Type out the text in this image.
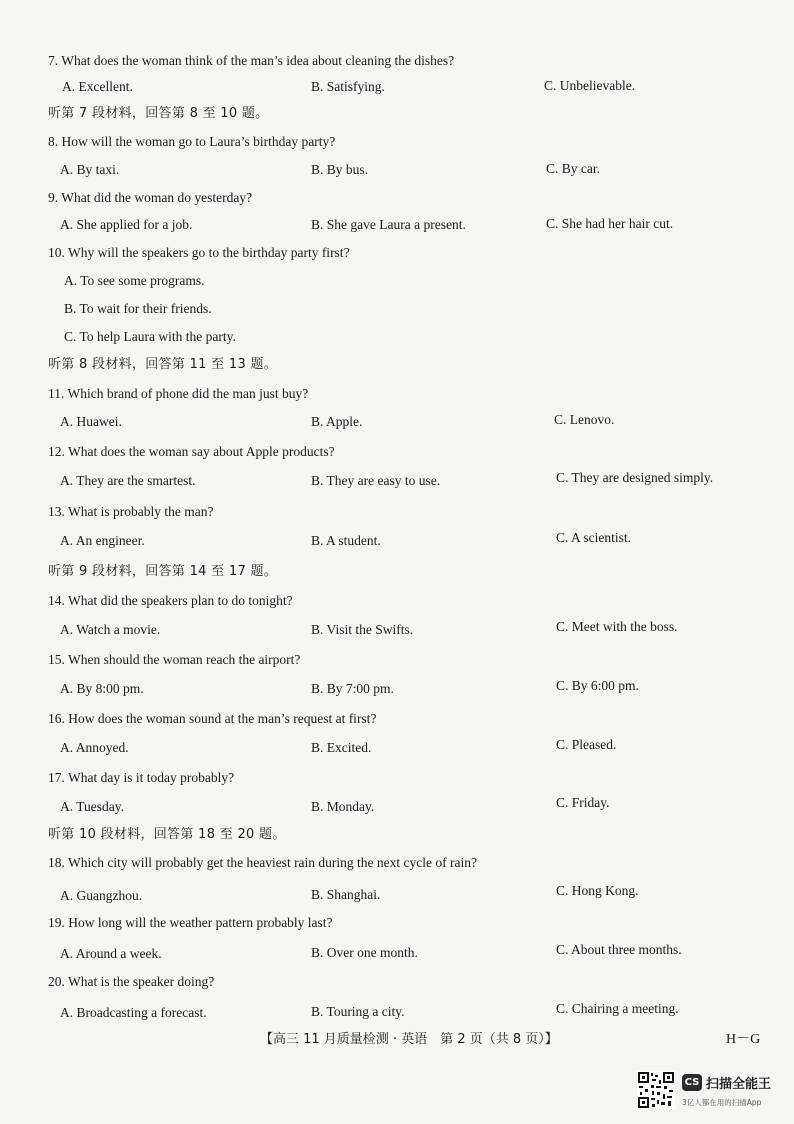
7. What does the woman think of the man’s idea about cleaning the dishes?
A. Excellent.	B. Satisfying.	C. Unbelievable.
听第 7 段材料，回答第 8 至 10 题。
8. How will the woman go to Laura’s birthday party?
A. By taxi.	B. By bus.	C. By car.
9. What did the woman do yesterday?
A. She applied for a job.	B. She gave Laura a present.	C. She had her hair cut.
10. Why will the speakers go to the birthday party first?
A. To see some programs.
B. To wait for their friends.
C. To help Laura with the party.
听第 8 段材料，回答第 11 至 13 题。
11. Which brand of phone did the man just buy?
A. Huawei.	B. Apple.	C. Lenovo.
12. What does the woman say about Apple products?
A. They are the smartest.	B. They are easy to use.	C. They are designed simply.
13. What is probably the man?
A. An engineer.	B. A student.	C. A scientist.
听第 9 段材料，回答第 14 至 17 题。
14. What did the speakers plan to do tonight?
A. Watch a movie.	B. Visit the Swifts.	C. Meet with the boss.
15. When should the woman reach the airport?
A. By 8:00 pm.	B. By 7:00 pm.	C. By 6:00 pm.
16. How does the woman sound at the man’s request at first?
A. Annoyed.	B. Excited.	C. Pleased.
17. What day is it today probably?
A. Tuesday.	B. Monday.	C. Friday.
听第 10 段材料，回答第 18 至 20 题。
18. Which city will probably get the heaviest rain during the next cycle of rain?
A. Guangzhou.	B. Shanghai.	C. Hong Kong.
19. How long will the weather pattern probably last?
A. Around a week.	B. Over one month.	C. About three months.
20. What is the speaker doing?
A. Broadcasting a forecast.	B. Touring a city.	C. Chairing a meeting.
【高三 11 月质量检测 · 英语　第 2 页（共 8 页）】	H－G
CS 扫描全能王
3亿人都在用的扫描App
